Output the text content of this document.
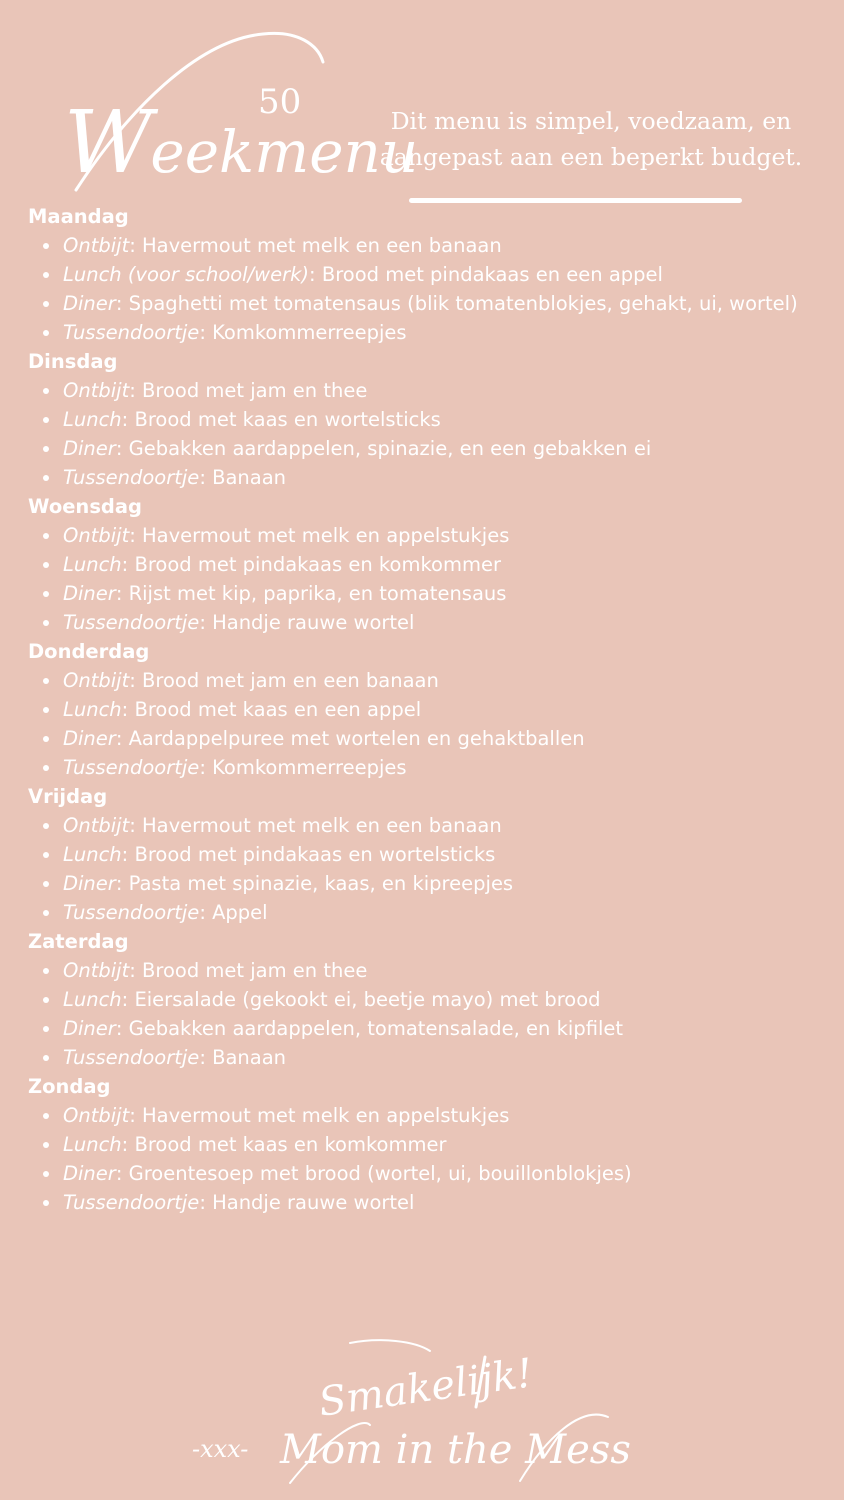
50
Weekmenu
Dit menu is simpel, voedzaam, en
aangepast aan een beperkt budget.
Maandag
Ontbijt: Havermout met melk en een banaan
Lunch (voor school/werk): Brood met pindakaas en een appel
Diner: Spaghetti met tomatensaus (blik tomatenblokjes, gehakt, ui, wortel)
Tussendoortje: Komkommerreepjes
Dinsdag
Ontbijt: Brood met jam en thee
Lunch: Brood met kaas en wortelsticks
Diner: Gebakken aardappelen, spinazie, en een gebakken ei
Tussendoortje: Banaan
Woensdag
Ontbijt: Havermout met melk en appelstukjes
Lunch: Brood met pindakaas en komkommer
Diner: Rijst met kip, paprika, en tomatensaus
Tussendoortje: Handje rauwe wortel
Donderdag
Ontbijt: Brood met jam en een banaan
Lunch: Brood met kaas en een appel
Diner: Aardappelpuree met wortelen en gehaktballen
Tussendoortje: Komkommerreepjes
Vrijdag
Ontbijt: Havermout met melk en een banaan
Lunch: Brood met pindakaas en wortelsticks
Diner: Pasta met spinazie, kaas, en kipreepjes
Tussendoortje: Appel
Zaterdag
Ontbijt: Brood met jam en thee
Lunch: Eiersalade (gekookt ei, beetje mayo) met brood
Diner: Gebakken aardappelen, tomatensalade, en kipfilet
Tussendoortje: Banaan
Zondag
Ontbijt: Havermout met melk en appelstukjes
Lunch: Brood met kaas en komkommer
Diner: Groentesoep met brood (wortel, ui, bouillonblokjes)
Tussendoortje: Handje rauwe wortel
Smakelijk!
-xxx- Mom in the Mess
